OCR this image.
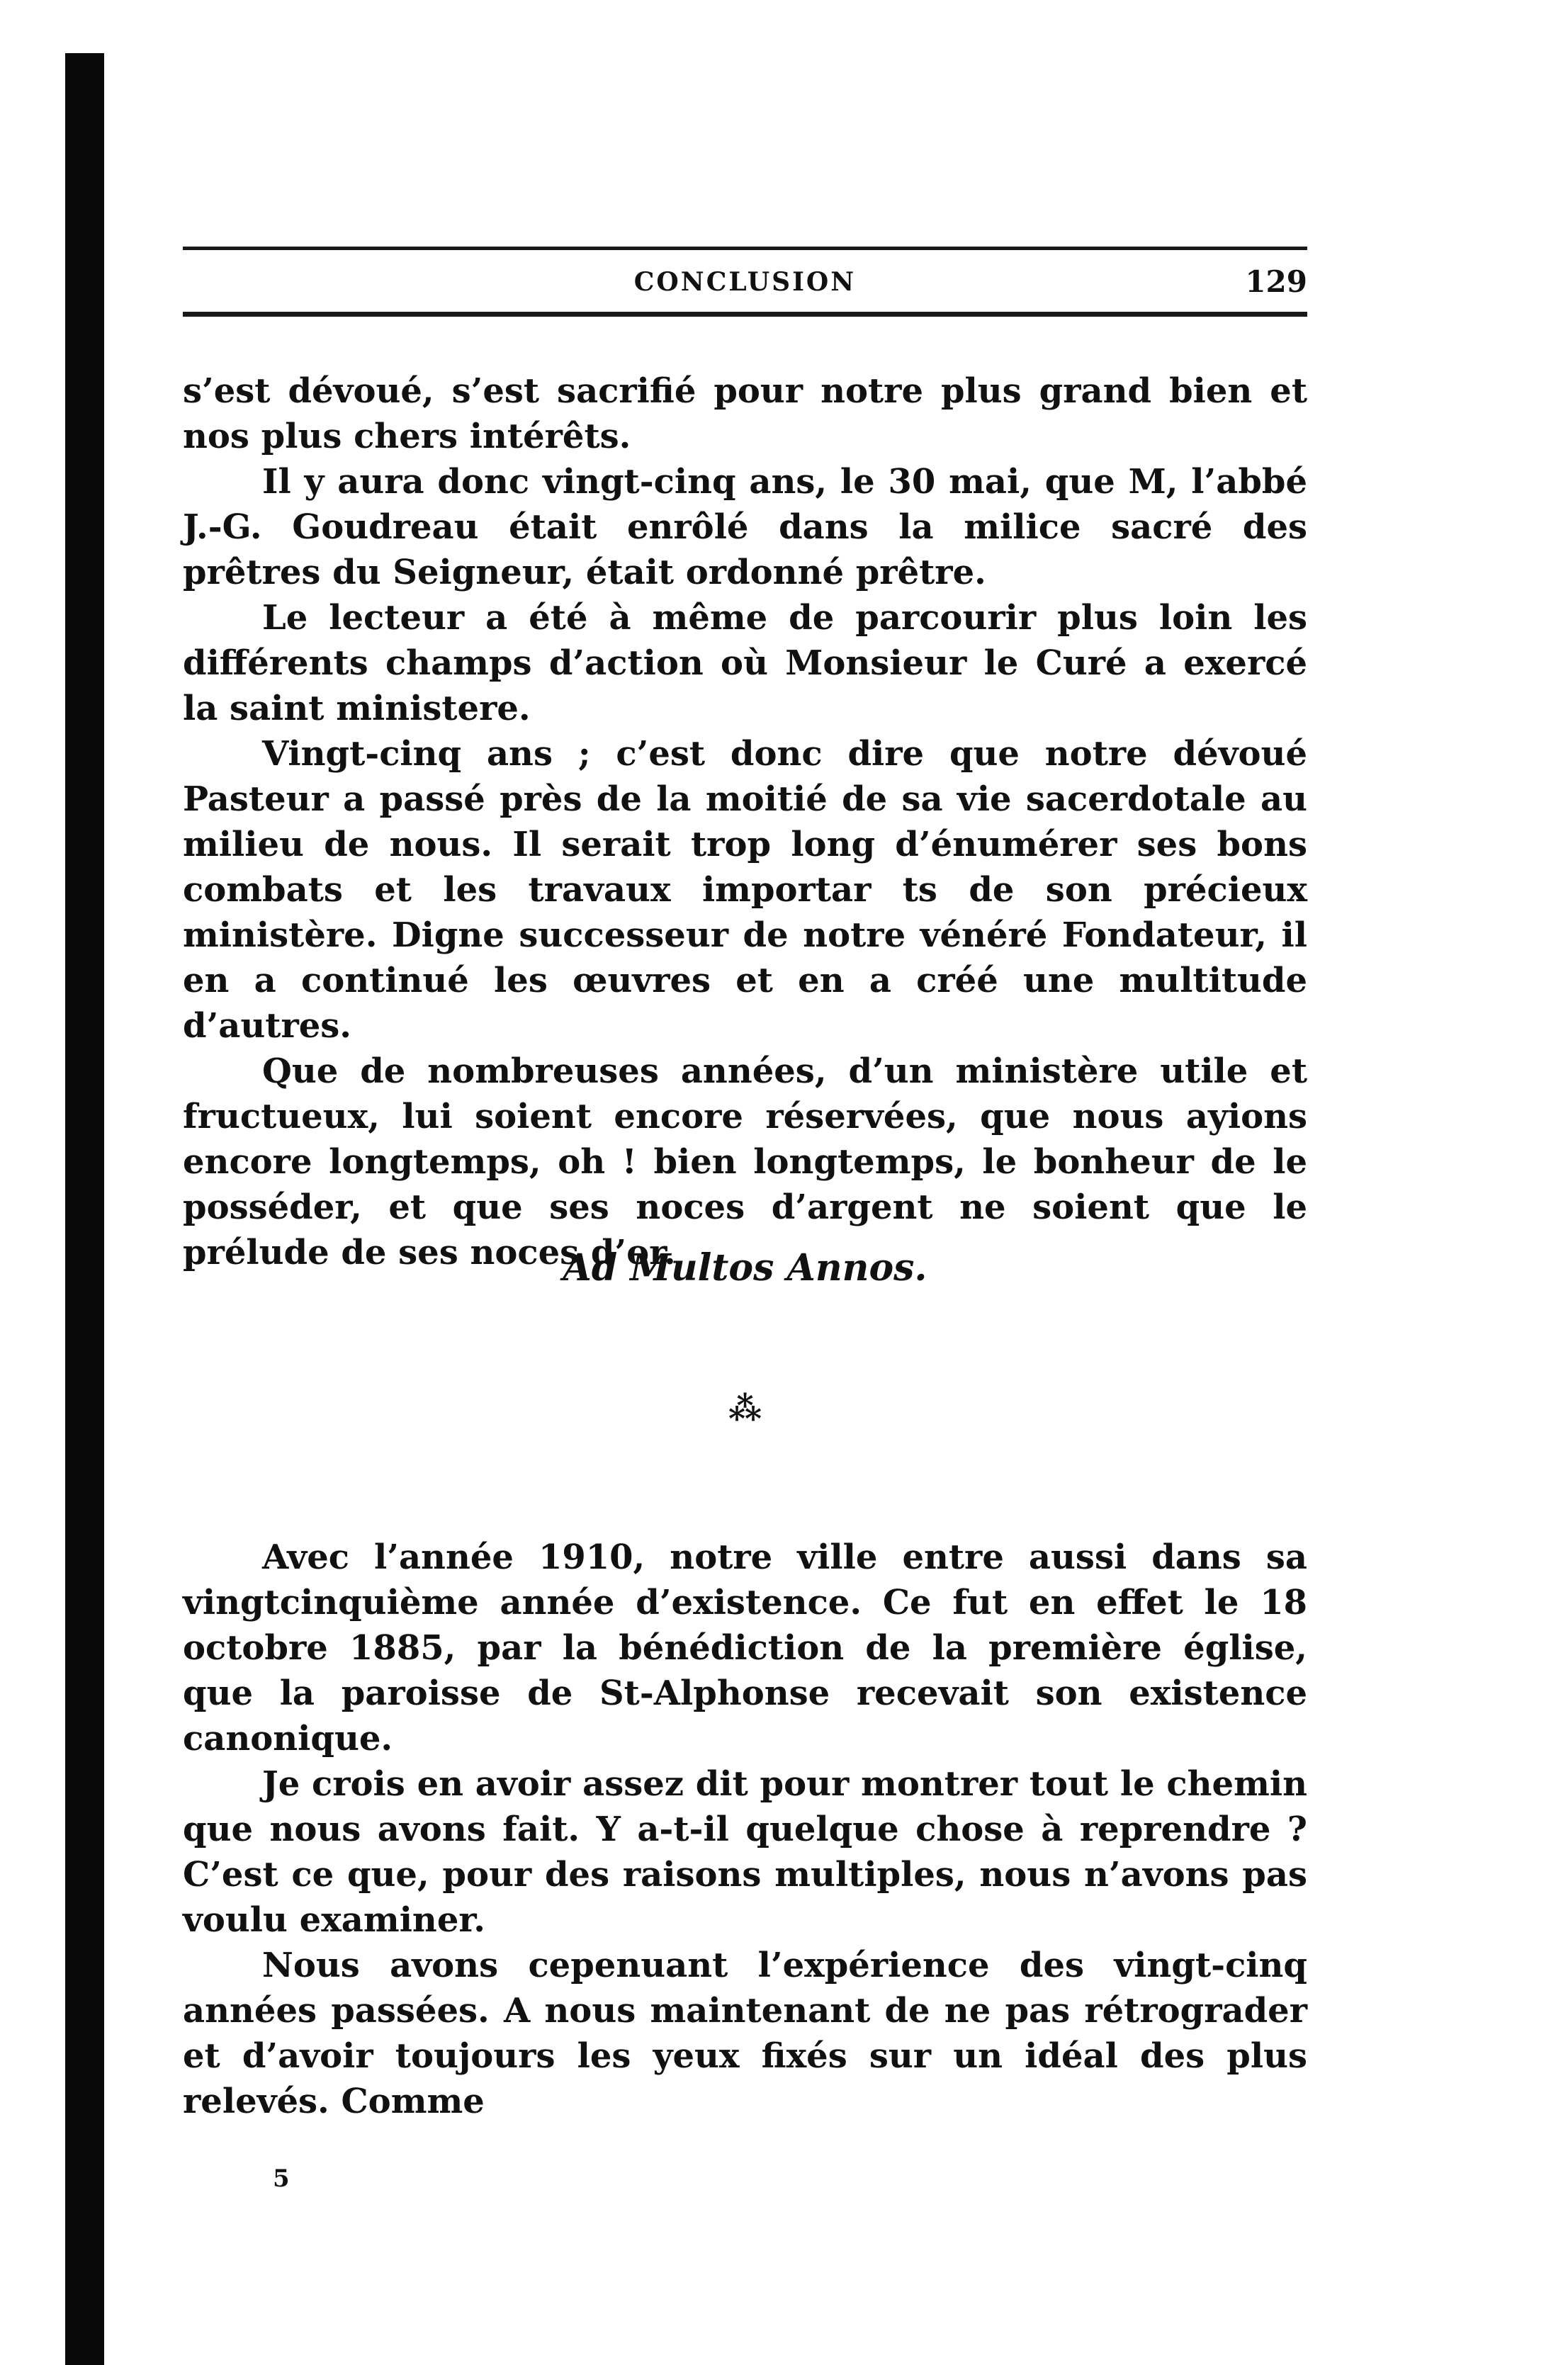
CONCLUSION	129

s’est dévoué, s’est sacrifié pour notre plus grand bien et nos plus chers intérêts.

Il y aura donc vingt-cinq ans, le 30 mai, que M, l’abbé J.-G. Goudreau était enrôlé dans la milice sacré des prêtres du Seigneur, était ordonné prêtre.

Le lecteur a été à même de parcourir plus loin les différents champs d’action où Monsieur le Curé a exercé la saint ministere.

Vingt-cinq ans ; c’est donc dire que notre dévoué Pasteur a passé près de la moitié de sa vie sacerdotale au milieu de nous. Il serait trop long d’énumérer ses bons combats et les travaux importar ts de son précieux ministère. Digne successeur de notre vénéré Fondateur, il en a continué les œuvres et en a créé une multitude d’autres.

Que de nombreuses années, d’un ministère utile et fructueux, lui soient encore réservées, que nous ayions encore longtemps, oh ! bien longtemps, le bonheur de le posséder, et que ses noces d’argent ne soient que le prélude de ses noces d’or.

Ad Multos Annos.
⁂

Avec l’année 1910, notre ville entre aussi dans sa vingtcinquième année d’existence. Ce fut en effet le 18 octobre 1885, par la bénédiction de la première église, que la paroisse de St-Alphonse recevait son existence canonique.

Je crois en avoir assez dit pour montrer tout le chemin que nous avons fait. Y a-t-il quelque chose à reprendre ? C’est ce que, pour des raisons multiples, nous n’avons pas voulu examiner.

Nous avons cepenuant l’expérience des vingt-cinq années passées. A nous maintenant de ne pas rétrograder et d’avoir toujours les yeux fixés sur un idéal des plus relevés. Comme

5
